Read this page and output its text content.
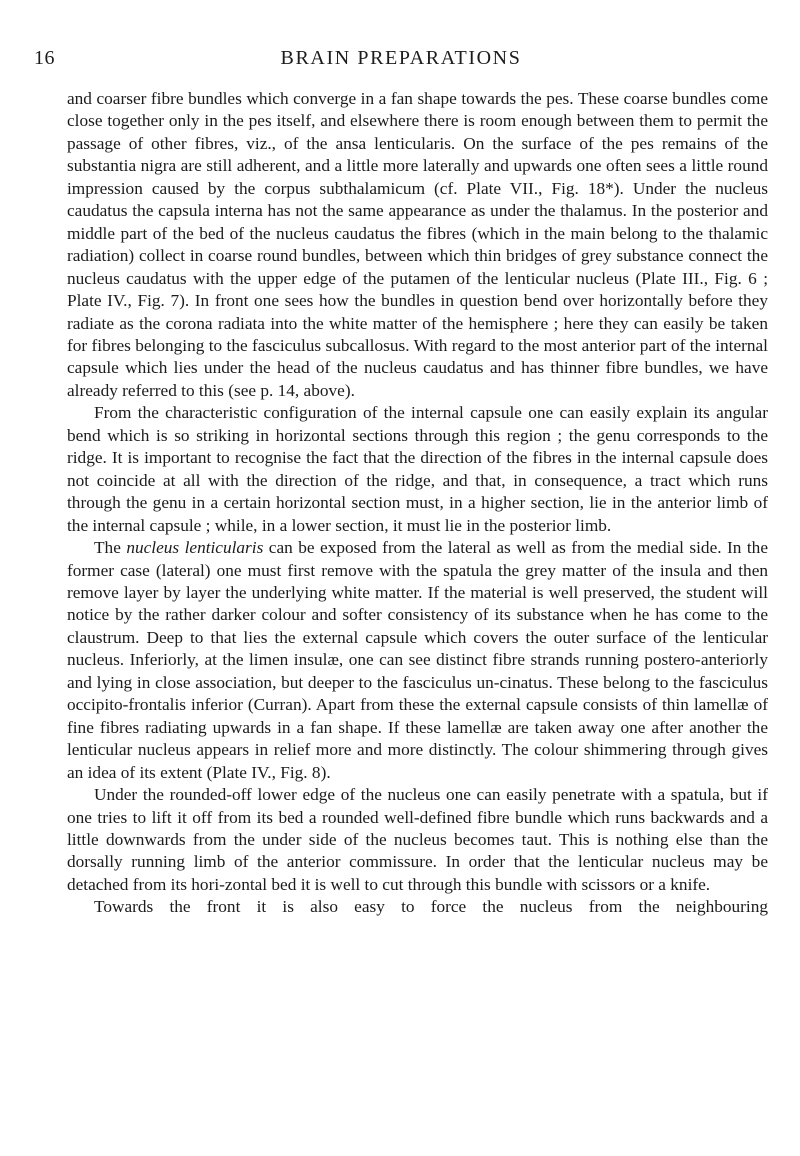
16	BRAIN PREPARATIONS

and coarser fibre bundles which converge in a fan shape towards the pes. These coarse bundles come close together only in the pes itself, and elsewhere there is room enough between them to permit the passage of other fibres, viz., of the ansa lenticularis. On the surface of the pes remains of the substantia nigra are still adherent, and a little more laterally and upwards one often sees a little round impression caused by the corpus subthalamicum (cf. Plate VII., Fig. 18*). Under the nucleus caudatus the capsula interna has not the same appearance as under the thalamus. In the posterior and middle part of the bed of the nucleus caudatus the fibres (which in the main belong to the thalamic radiation) collect in coarse round bundles, between which thin bridges of grey substance connect the nucleus caudatus with the upper edge of the putamen of the lenticular nucleus (Plate III., Fig. 6 ; Plate IV., Fig. 7). In front one sees how the bundles in question bend over horizontally before they radiate as the corona radiata into the white matter of the hemisphere ; here they can easily be taken for fibres belonging to the fasciculus subcallosus. With regard to the most anterior part of the internal capsule which lies under the head of the nucleus caudatus and has thinner fibre bundles, we have already referred to this (see p. 14, above).

From the characteristic configuration of the internal capsule one can easily explain its angular bend which is so striking in horizontal sections through this region ; the genu corresponds to the ridge. It is important to recognise the fact that the direction of the fibres in the internal capsule does not coincide at all with the direction of the ridge, and that, in consequence, a tract which runs through the genu in a certain horizontal section must, in a higher section, lie in the anterior limb of the internal capsule ; while, in a lower section, it must lie in the posterior limb.

The nucleus lenticularis can be exposed from the lateral as well as from the medial side. In the former case (lateral) one must first remove with the spatula the grey matter of the insula and then remove layer by layer the underlying white matter. If the material is well preserved, the student will notice by the rather darker colour and softer consistency of its substance when he has come to the claustrum. Deep to that lies the external capsule which covers the outer surface of the lenticular nucleus. Inferiorly, at the limen insulæ, one can see distinct fibre strands running postero-anteriorly and lying in close association, but deeper to the fasciculus un-cinatus. These belong to the fasciculus occipito-frontalis inferior (Curran). Apart from these the external capsule consists of thin lamellæ of fine fibres radiating upwards in a fan shape. If these lamellæ are taken away one after another the lenticular nucleus appears in relief more and more distinctly. The colour shimmering through gives an idea of its extent (Plate IV., Fig. 8).

Under the rounded-off lower edge of the nucleus one can easily penetrate with a spatula, but if one tries to lift it off from its bed a rounded well-defined fibre bundle which runs backwards and a little downwards from the under side of the nucleus becomes taut. This is nothing else than the dorsally running limb of the anterior commissure. In order that the lenticular nucleus may be detached from its hori-zontal bed it is well to cut through this bundle with scissors or a knife.

Towards the front it is also easy to force the nucleus from the neighbouring
